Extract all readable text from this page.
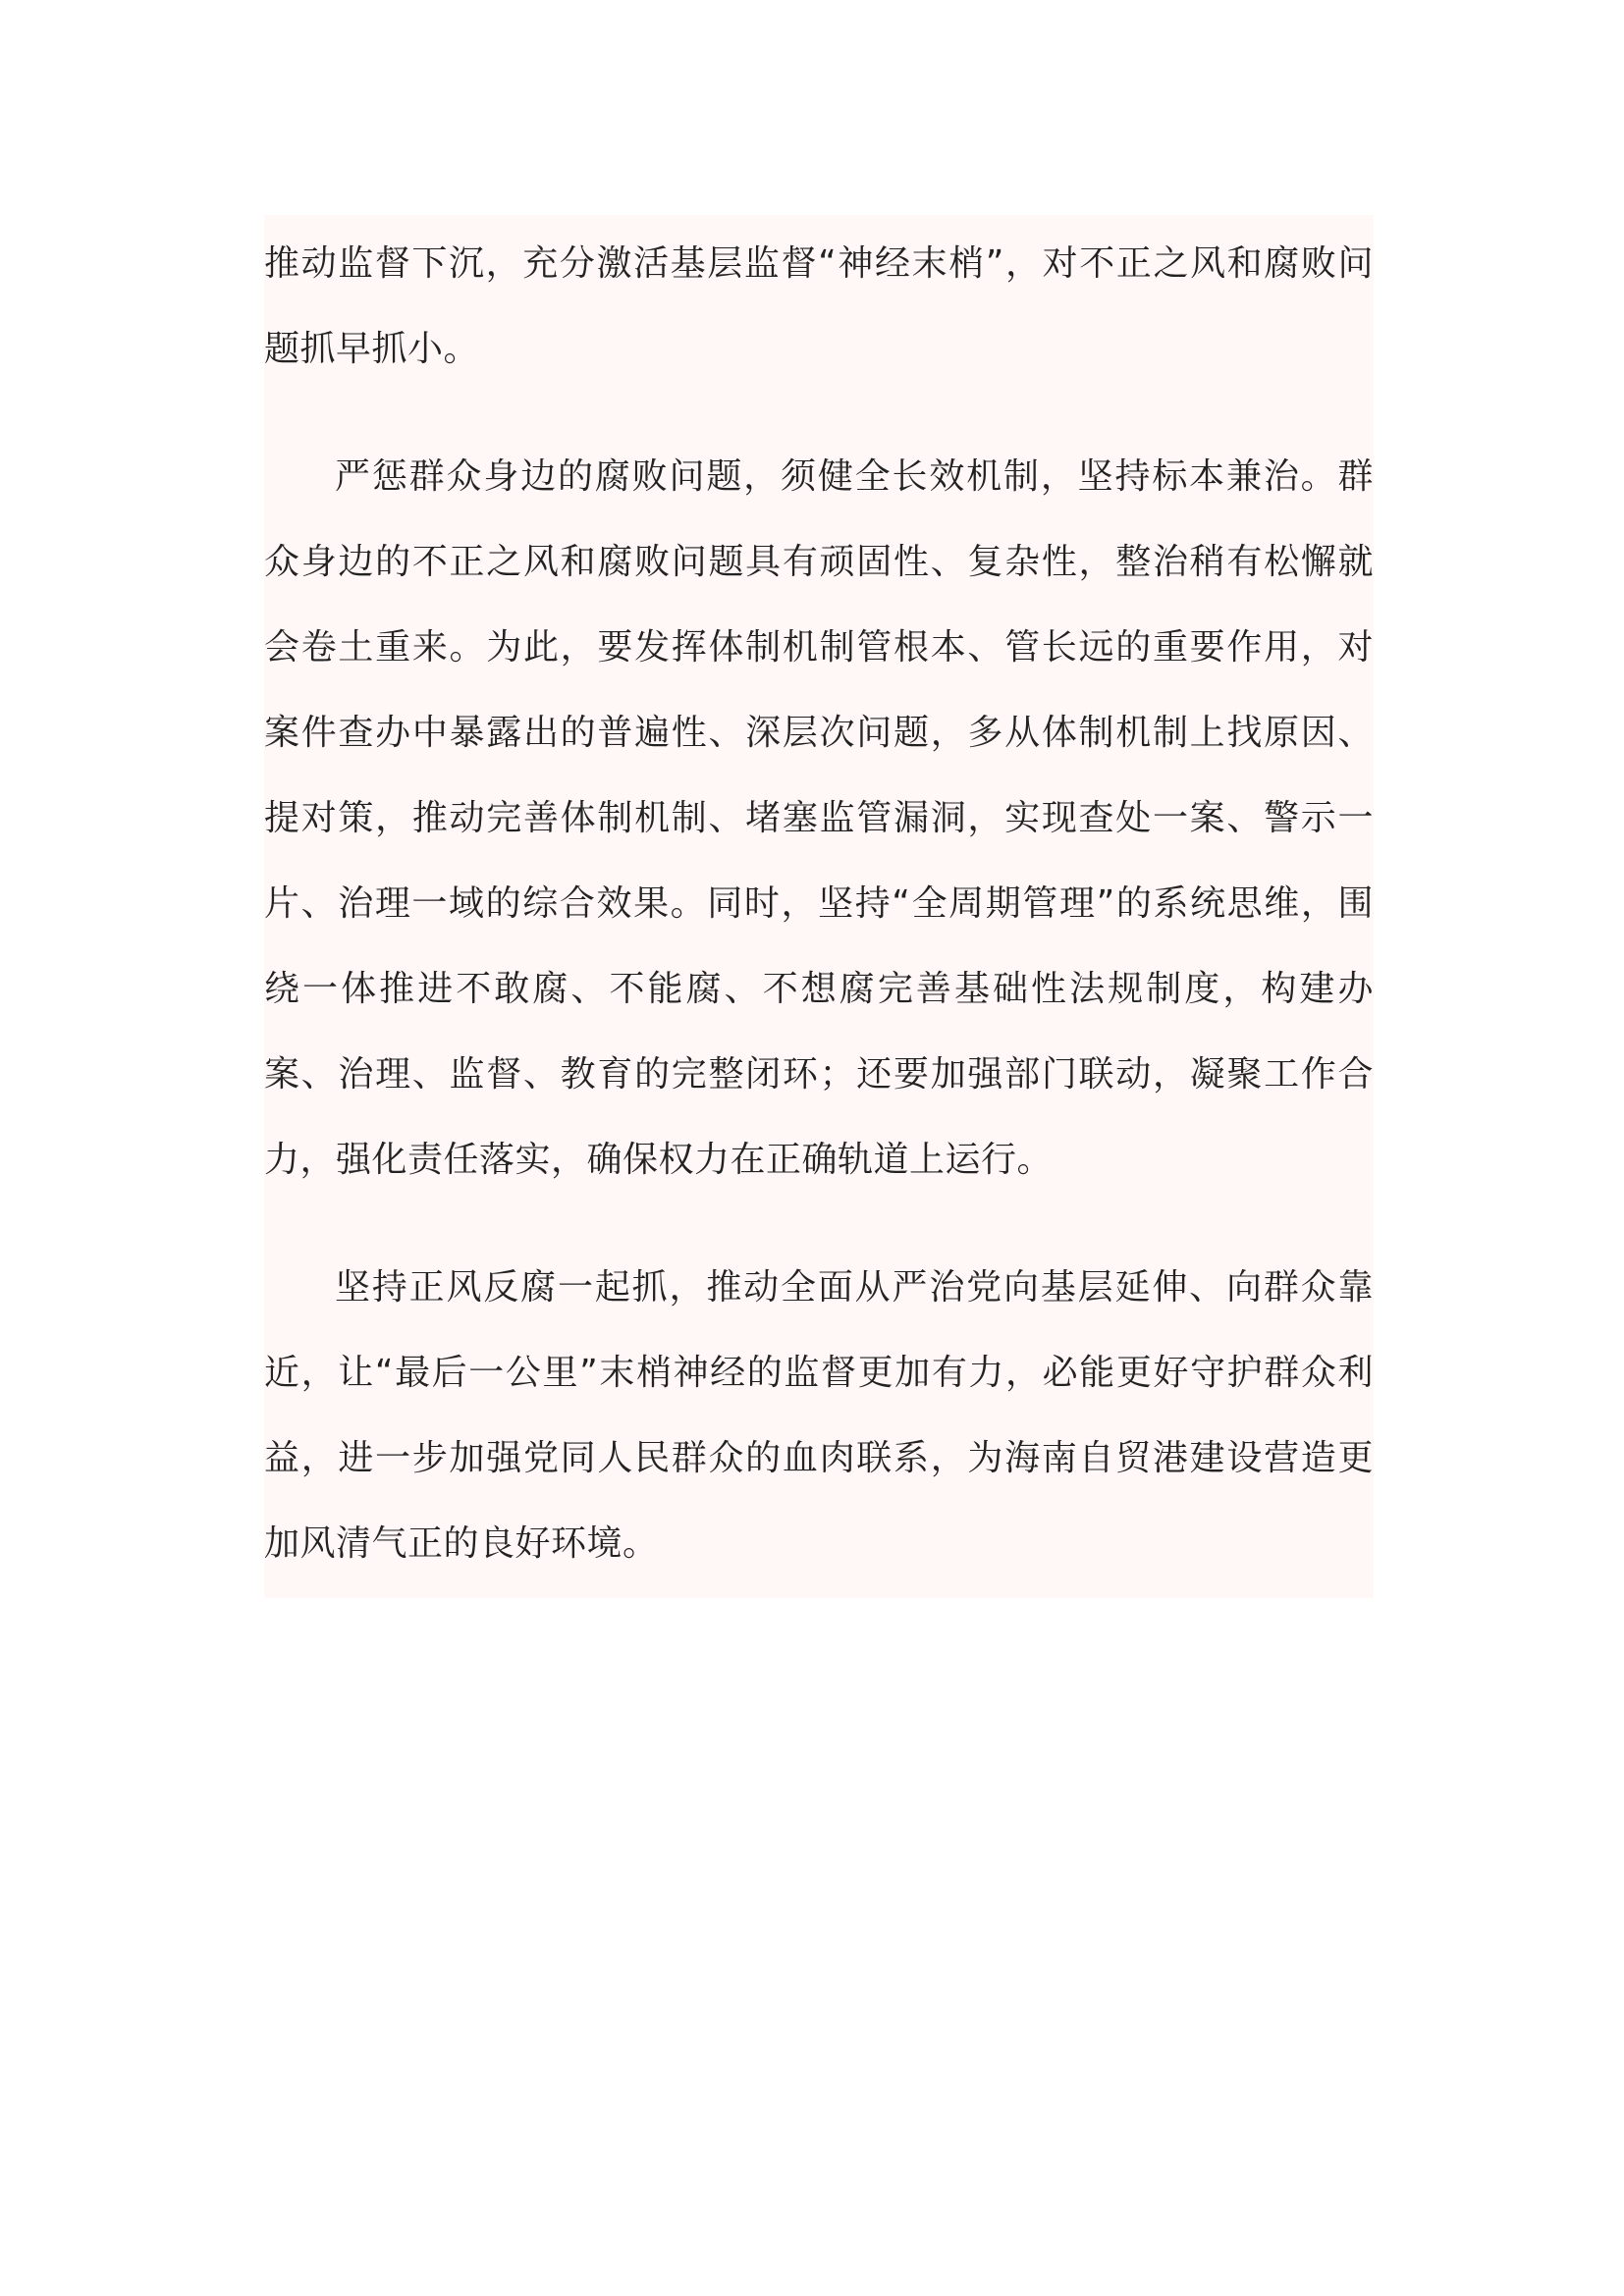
推动监督下沉，充分激活基层监督“神经末梢”，对不正之风和腐败问题抓早抓小。

严惩群众身边的腐败问题，须健全长效机制，坚持标本兼治。群众身边的不正之风和腐败问题具有顽固性、复杂性，整治稍有松懈就会卷土重来。为此，要发挥体制机制管根本、管长远的重要作用，对案件查办中暴露出的普遍性、深层次问题，多从体制机制上找原因、提对策，推动完善体制机制、堵塞监管漏洞，实现查处一案、警示一片、治理一域的综合效果。同时，坚持“全周期管理”的系统思维，围绕一体推进不敢腐、不能腐、不想腐完善基础性法规制度，构建办案、治理、监督、教育的完整闭环；还要加强部门联动，凝聚工作合力，强化责任落实，确保权力在正确轨道上运行。

坚持正风反腐一起抓，推动全面从严治党向基层延伸、向群众靠近，让“最后一公里”末梢神经的监督更加有力，必能更好守护群众利益，进一步加强党同人民群众的血肉联系，为海南自贸港建设营造更加风清气正的良好环境。
